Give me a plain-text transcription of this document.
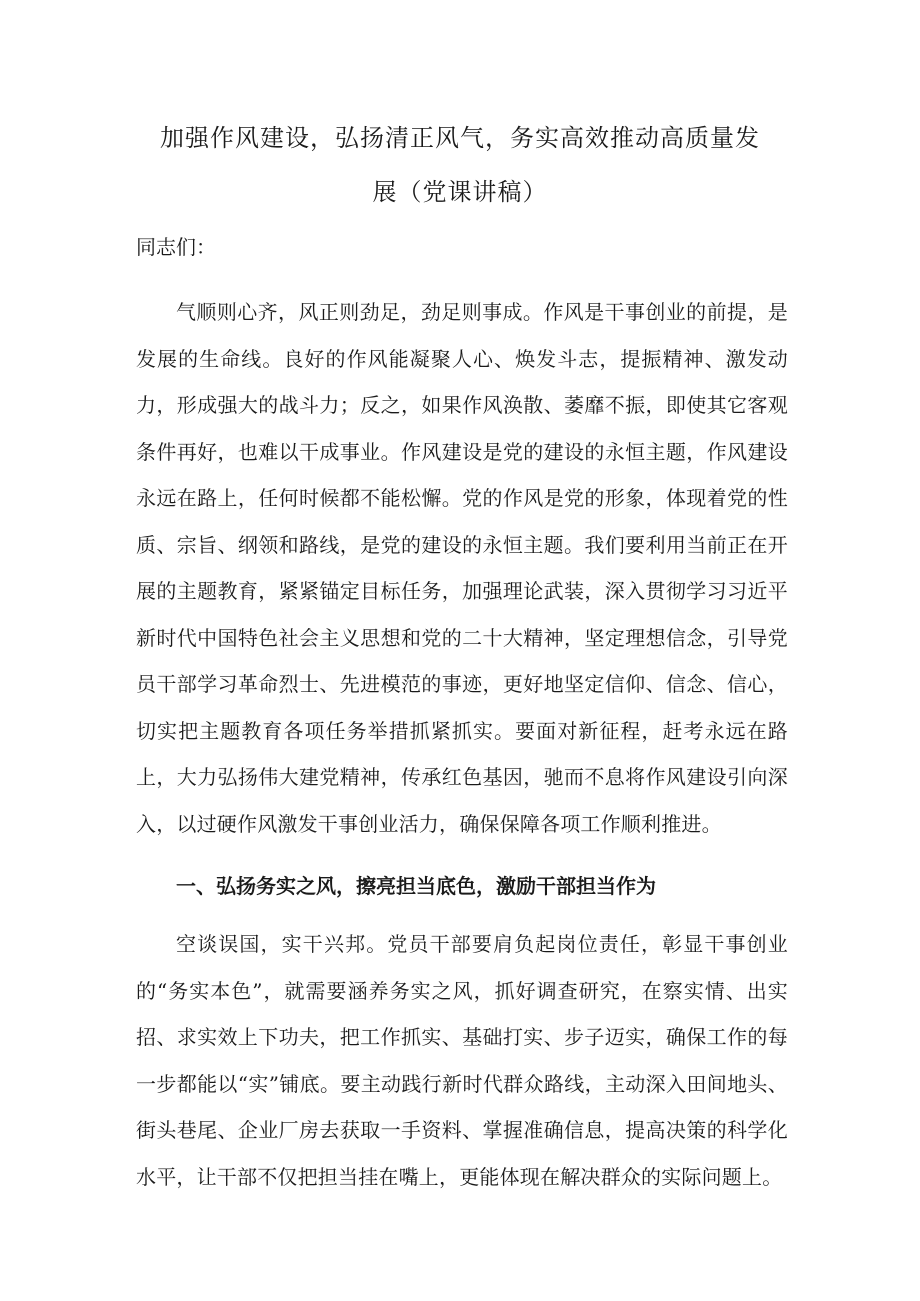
加强作风建设，弘扬清正风气，务实高效推动高质量发
展（党课讲稿）
同志们：

气顺则心齐，风正则劲足，劲足则事成。作风是干事创业的前提，是发展的生命线。良好的作风能凝聚人心、焕发斗志，提振精神、激发动力，形成强大的战斗力；反之，如果作风涣散、萎靡不振，即使其它客观条件再好，也难以干成事业。作风建设是党的建设的永恒主题，作风建设永远在路上，任何时候都不能松懈。党的作风是党的形象，体现着党的性质、宗旨、纲领和路线，是党的建设的永恒主题。我们要利用当前正在开展的主题教育，紧紧锚定目标任务，加强理论武装，深入贯彻学习习近平新时代中国特色社会主义思想和党的二十大精神，坚定理想信念，引导党员干部学习革命烈士、先进模范的事迹，更好地坚定信仰、信念、信心，切实把主题教育各项任务举措抓紧抓实。要面对新征程，赶考永远在路上，大力弘扬伟大建党精神，传承红色基因，驰而不息将作风建设引向深入，以过硬作风激发干事创业活力，确保保障各项工作顺利推进。

一、弘扬务实之风，擦亮担当底色，激励干部担当作为

空谈误国，实干兴邦。党员干部要肩负起岗位责任，彰显干事创业的“务实本色”，就需要涵养务实之风，抓好调查研究，在察实情、出实招、求实效上下功夫，把工作抓实、基础打实、步子迈实，确保工作的每一步都能以“实”铺底。要主动践行新时代群众路线，主动深入田间地头、街头巷尾、企业厂房去获取一手资料、掌握准确信息，提高决策的科学化水平，让干部不仅把担当挂在嘴上，更能体现在解决群众的实际问题上。
